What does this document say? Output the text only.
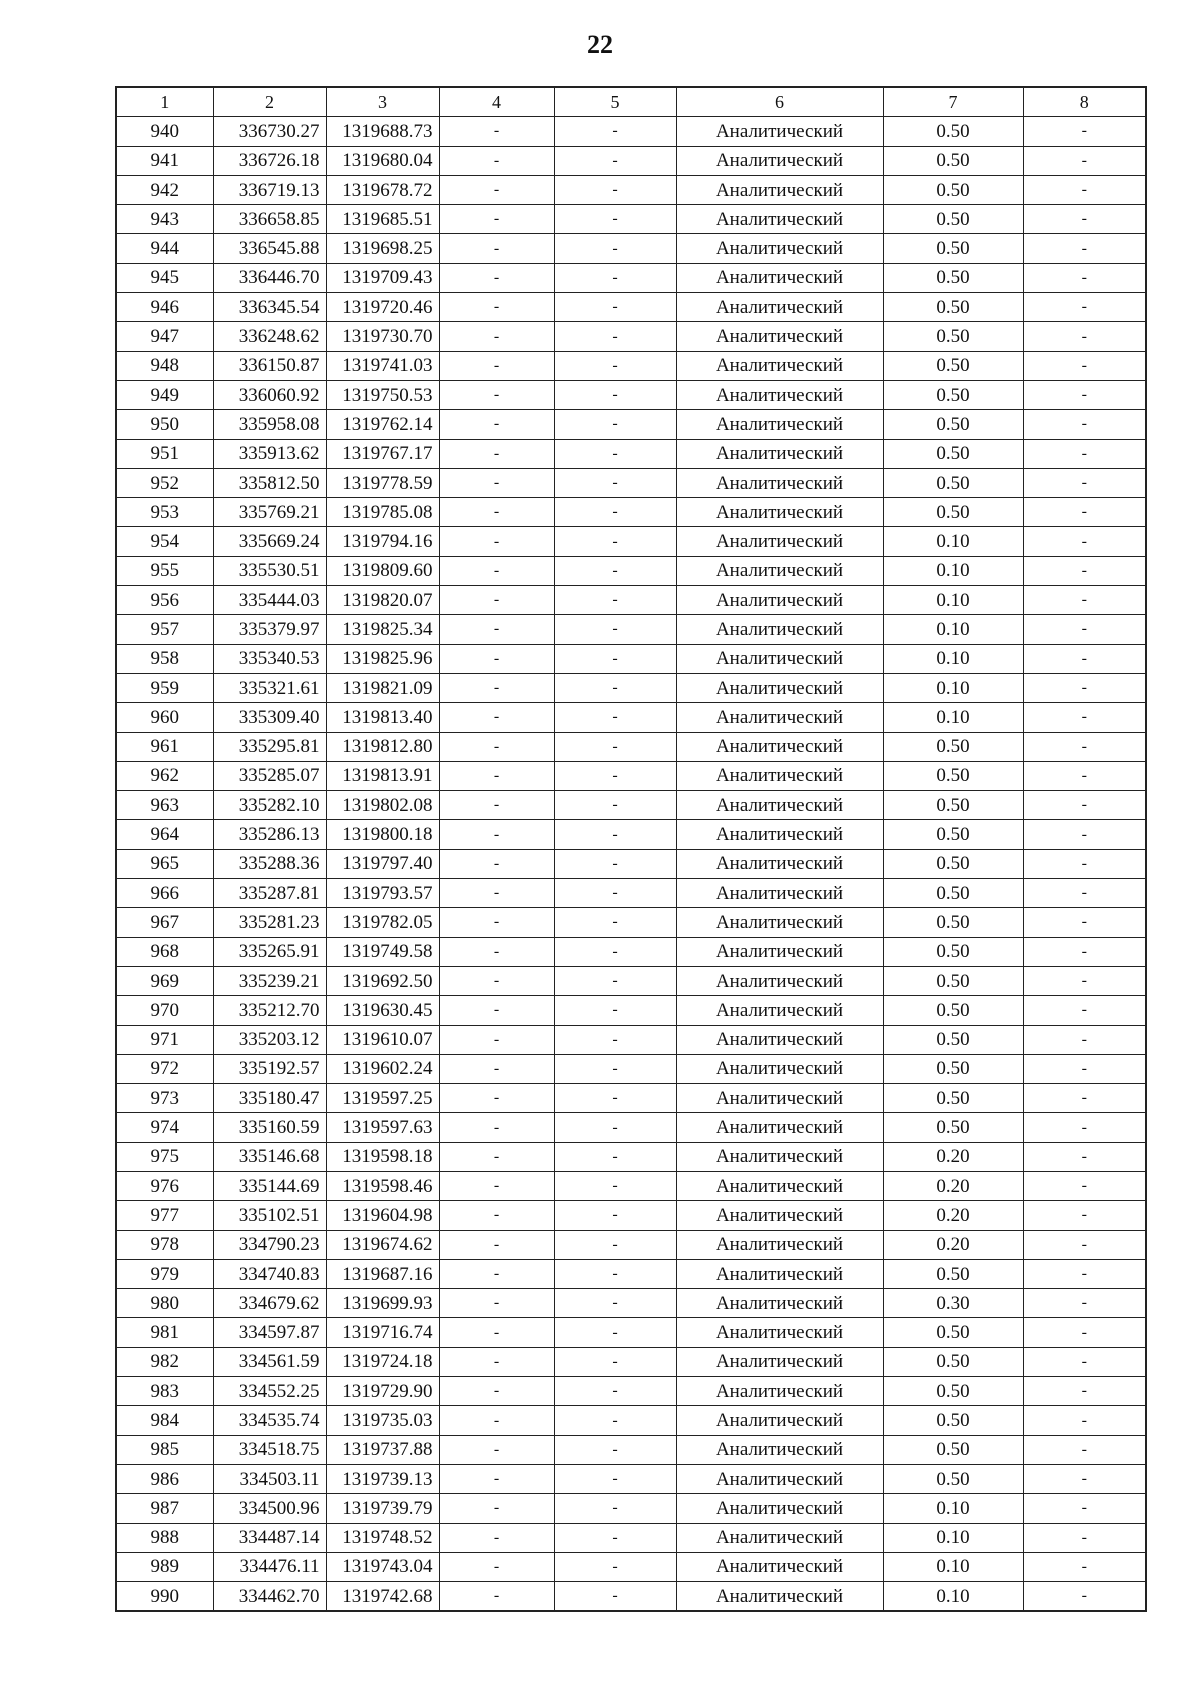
22
1	2	3	4	5	6	7	8
940	336730.27	1319688.73	-	-	Аналитический	0.50	-
941	336726.18	1319680.04	-	-	Аналитический	0.50	-
942	336719.13	1319678.72	-	-	Аналитический	0.50	-
943	336658.85	1319685.51	-	-	Аналитический	0.50	-
944	336545.88	1319698.25	-	-	Аналитический	0.50	-
945	336446.70	1319709.43	-	-	Аналитический	0.50	-
946	336345.54	1319720.46	-	-	Аналитический	0.50	-
947	336248.62	1319730.70	-	-	Аналитический	0.50	-
948	336150.87	1319741.03	-	-	Аналитический	0.50	-
949	336060.92	1319750.53	-	-	Аналитический	0.50	-
950	335958.08	1319762.14	-	-	Аналитический	0.50	-
951	335913.62	1319767.17	-	-	Аналитический	0.50	-
952	335812.50	1319778.59	-	-	Аналитический	0.50	-
953	335769.21	1319785.08	-	-	Аналитический	0.50	-
954	335669.24	1319794.16	-	-	Аналитический	0.10	-
955	335530.51	1319809.60	-	-	Аналитический	0.10	-
956	335444.03	1319820.07	-	-	Аналитический	0.10	-
957	335379.97	1319825.34	-	-	Аналитический	0.10	-
958	335340.53	1319825.96	-	-	Аналитический	0.10	-
959	335321.61	1319821.09	-	-	Аналитический	0.10	-
960	335309.40	1319813.40	-	-	Аналитический	0.10	-
961	335295.81	1319812.80	-	-	Аналитический	0.50	-
962	335285.07	1319813.91	-	-	Аналитический	0.50	-
963	335282.10	1319802.08	-	-	Аналитический	0.50	-
964	335286.13	1319800.18	-	-	Аналитический	0.50	-
965	335288.36	1319797.40	-	-	Аналитический	0.50	-
966	335287.81	1319793.57	-	-	Аналитический	0.50	-
967	335281.23	1319782.05	-	-	Аналитический	0.50	-
968	335265.91	1319749.58	-	-	Аналитический	0.50	-
969	335239.21	1319692.50	-	-	Аналитический	0.50	-
970	335212.70	1319630.45	-	-	Аналитический	0.50	-
971	335203.12	1319610.07	-	-	Аналитический	0.50	-
972	335192.57	1319602.24	-	-	Аналитический	0.50	-
973	335180.47	1319597.25	-	-	Аналитический	0.50	-
974	335160.59	1319597.63	-	-	Аналитический	0.50	-
975	335146.68	1319598.18	-	-	Аналитический	0.20	-
976	335144.69	1319598.46	-	-	Аналитический	0.20	-
977	335102.51	1319604.98	-	-	Аналитический	0.20	-
978	334790.23	1319674.62	-	-	Аналитический	0.20	-
979	334740.83	1319687.16	-	-	Аналитический	0.50	-
980	334679.62	1319699.93	-	-	Аналитический	0.30	-
981	334597.87	1319716.74	-	-	Аналитический	0.50	-
982	334561.59	1319724.18	-	-	Аналитический	0.50	-
983	334552.25	1319729.90	-	-	Аналитический	0.50	-
984	334535.74	1319735.03	-	-	Аналитический	0.50	-
985	334518.75	1319737.88	-	-	Аналитический	0.50	-
986	334503.11	1319739.13	-	-	Аналитический	0.50	-
987	334500.96	1319739.79	-	-	Аналитический	0.10	-
988	334487.14	1319748.52	-	-	Аналитический	0.10	-
989	334476.11	1319743.04	-	-	Аналитический	0.10	-
990	334462.70	1319742.68	-	-	Аналитический	0.10	-
